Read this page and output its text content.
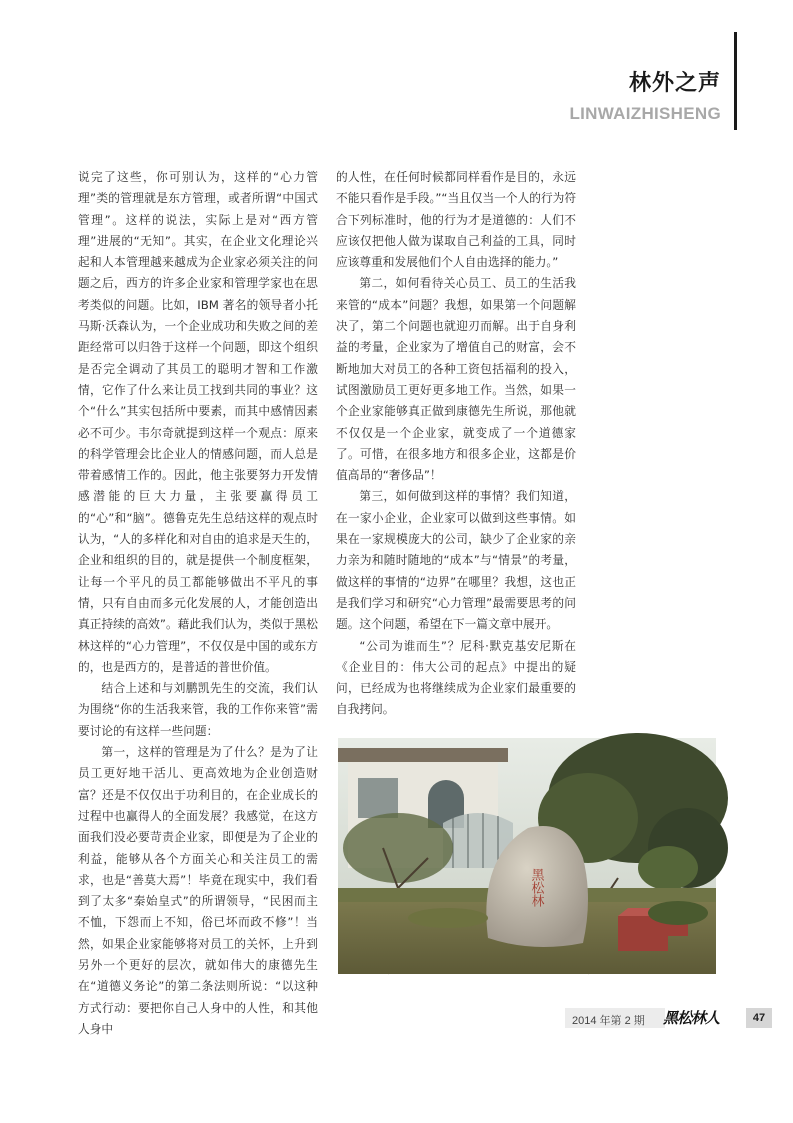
林外之声
LINWAIZHISHENG

说完了这些，你可别认为，这样的“心力管理”类的管理就是东方管理，或者所谓“中国式管理”。这样的说法，实际上是对“西方管理”进展的“无知”。其实，在企业文化理论兴起和人本管理越来越成为企业家必须关注的问题之后，西方的许多企业家和管理学家也在思考类似的问题。比如，IBM 著名的领导者小托马斯·沃森认为，一个企业成功和失败之间的差距经常可以归咎于这样一个问题，即这个组织是否完全调动了其员工的聪明才智和工作激情，它作了什么来让员工找到共同的事业？这个“什么”其实包括所中要素，而其中感情因素必不可少。韦尔奇就提到这样一个观点：原来的科学管理会比企业人的情感问题，而人总是带着感情工作的。因此，他主张要努力开发情感潜能的巨大力量，主张要赢得员工的“心”和“脑”。德鲁克先生总结这样的观点时认为，“人的多样化和对自由的追求是天生的，企业和组织的目的，就是提供一个制度框架，让每一个平凡的员工都能够做出不平凡的事情，只有自由而多元化发展的人，才能创造出真正持续的高效”。藉此我们认为，类似于黑松林这样的“心力管理”，不仅仅是中国的或东方的，也是西方的，是普适的普世价值。

结合上述和与刘鹏凯先生的交流，我们认为围绕“你的生活我来管，我的工作你来管”需要讨论的有这样一些问题：

第一，这样的管理是为了什么？是为了让员工更好地干活儿、更高效地为企业创造财富？还是不仅仅出于功利目的，在企业成长的过程中也赢得人的全面发展？我感觉，在这方面我们没必要苛责企业家，即便是为了企业的利益，能够从各个方面关心和关注员工的需求，也是“善莫大焉”！毕竟在现实中，我们看到了太多“秦始皇式”的所谓领导，“民困而主不恤，下怨而上不知，俗已坏而政不修”！当然，如果企业家能够将对员工的关怀，上升到另外一个更好的层次，就如伟大的康德先生在“道德义务论”的第二条法则所说：“以这种方式行动：要把你自己人身中的人性，和其他人身中

的人性，在任何时候都同样看作是目的，永远不能只看作是手段。”“当且仅当一个人的行为符合下列标准时，他的行为才是道德的：人们不应该仅把他人做为谋取自己利益的工具，同时应该尊重和发展他们个人自由选择的能力。”

第二，如何看待关心员工、员工的生活我来管的“成本”问题？我想，如果第一个问题解决了，第二个问题也就迎刃而解。出于自身利益的考量，企业家为了增值自己的财富，会不断地加大对员工的各种工资包括福利的投入，试图激励员工更好更多地工作。当然，如果一个企业家能够真正做到康德先生所说，那他就不仅仅是一个企业家，就变成了一个道德家了。可惜，在很多地方和很多企业，这都是价值高昂的“奢侈品”！

第三，如何做到这样的事情？我们知道，在一家小企业，企业家可以做到这些事情。如果在一家规模庞大的公司，缺少了企业家的亲力亲为和随时随地的“成本”与“情景”的考量，做这样的事情的“边界”在哪里？我想，这也正是我们学习和研究“心力管理”最需要思考的问题。这个问题，希望在下一篇文章中展开。

“公司为谁而生”？尼科·默克基安尼斯在《企业目的：伟大公司的起点》中提出的疑问，已经成为也将继续成为企业家们最重要的自我拷问。

黑松林
2014 年第 2 期 黑松林人	47
